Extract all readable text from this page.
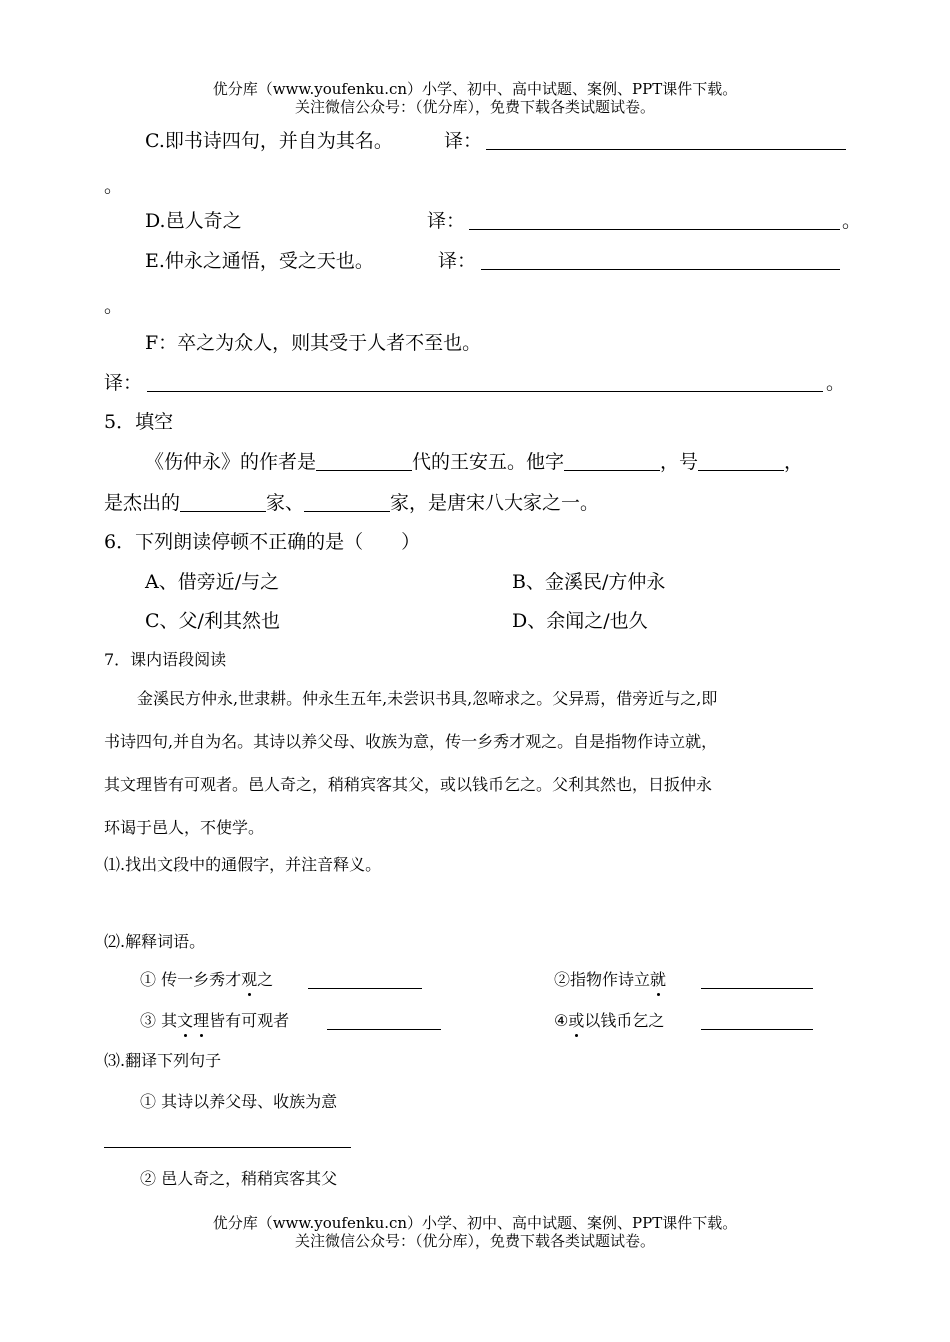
优分库（www.youfenku.cn）小学、初中、高中试题、案例、PPT课件下载。
关注微信公众号：（优分库），免费下载各类试题试卷。
C.即书诗四句，并自为其名。	译：
。
D.邑人奇之	译：	。
E.仲永之通悟，受之天也。	译：
。
F：卒之为众人，则其受于人者不至也。
译：	。
5．填空
《伤仲永》的作者是	代的王安五。他字	，号	，
是杰出的	家、	家，是唐宋八大家之一。
6．下列朗读停顿不正确的是（　　）
A、借旁近/与之	B、金溪民/方仲永
C、父/利其然也	D、余闻之/也久
7．课内语段阅读
金溪民方仲永,世隶耕。仲永生五年,未尝识书具,忽啼求之。父异焉，借旁近与之,即
书诗四句,并自为名。其诗以养父母、收族为意，传一乡秀才观之。自是指物作诗立就，
其文理皆有可观者。邑人奇之，稍稍宾客其父，或以钱币乞之。父利其然也，日扳仲永
环谒于邑人，不使学。
⑴.找出文段中的通假字，并注音释义。
⑵.解释词语。
① 传一乡秀才观之	②指物作诗立就
③ 其文理皆有可观者	④或以钱币乞之
⑶.翻译下列句子
① 其诗以养父母、收族为意
② 邑人奇之，稍稍宾客其父
优分库（www.youfenku.cn）小学、初中、高中试题、案例、PPT课件下载。
关注微信公众号：（优分库），免费下载各类试题试卷。
